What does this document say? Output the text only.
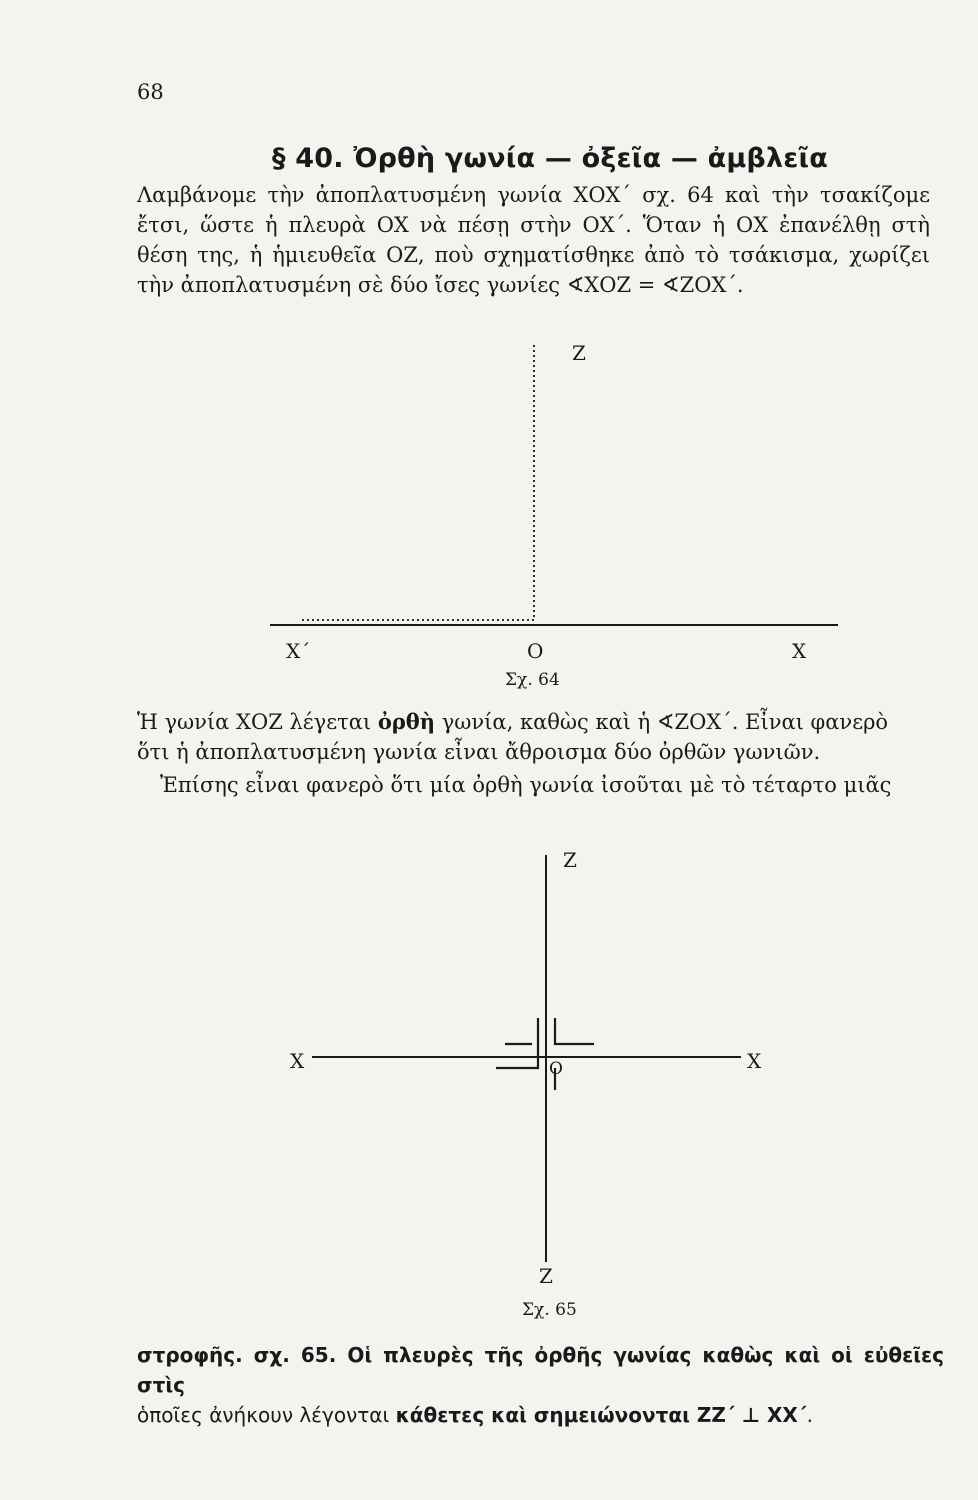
68
§ 40. Ὀρθὴ γωνία — ὀξεῖα — ἀμβλεῖα
Λαμβάνομε τὴν ἀποπλατυσμένη γωνία ΧΟΧ΄ σχ. 64 καὶ τὴν τσακίζομε
ἔτσι, ὥστε ἡ πλευρὰ ΟΧ νὰ πέσῃ στὴν ΟΧ΄. Ὅταν ἡ ΟΧ ἐπανέλθῃ στὴ
θέση της, ἡ ἡμιευθεῖα ΟΖ, ποὺ σχηματίσθηκε ἀπὸ τὸ τσάκισμα, χωρίζει
τὴν ἀποπλατυσμένη σὲ δύο ἴσες γωνίες ∢ΧΟΖ = ∢ΖΟΧ΄.
Ζ
Χ΄	Ο	Χ
Σχ. 64
Ζ
Χ	Ο	Χ
Ζ
Σχ. 65
Ἡ γωνία ΧΟΖ λέγεται ὀρθὴ γωνία, καθὼς καὶ ἡ ∢ΖΟΧ΄. Εἶναι φανερὸ
ὅτι ἡ ἀποπλατυσμένη γωνία εἶναι ἄθροισμα δύο ὀρθῶν γωνιῶν.
Ἐπίσης εἶναι φανερὸ ὅτι μία ὀρθὴ γωνία ἰσοῦται μὲ τὸ τέταρτο μιᾶς
στροφῆς. σχ. 65. Οἱ πλευρὲς τῆς ὀρθῆς γωνίας καθὼς καὶ οἱ εὐθεῖες στὶς
ὁποῖες ἀνήκουν λέγονται κάθετες καὶ σημειώνονται ΖΖ΄ ⊥ ΧΧ΄.
